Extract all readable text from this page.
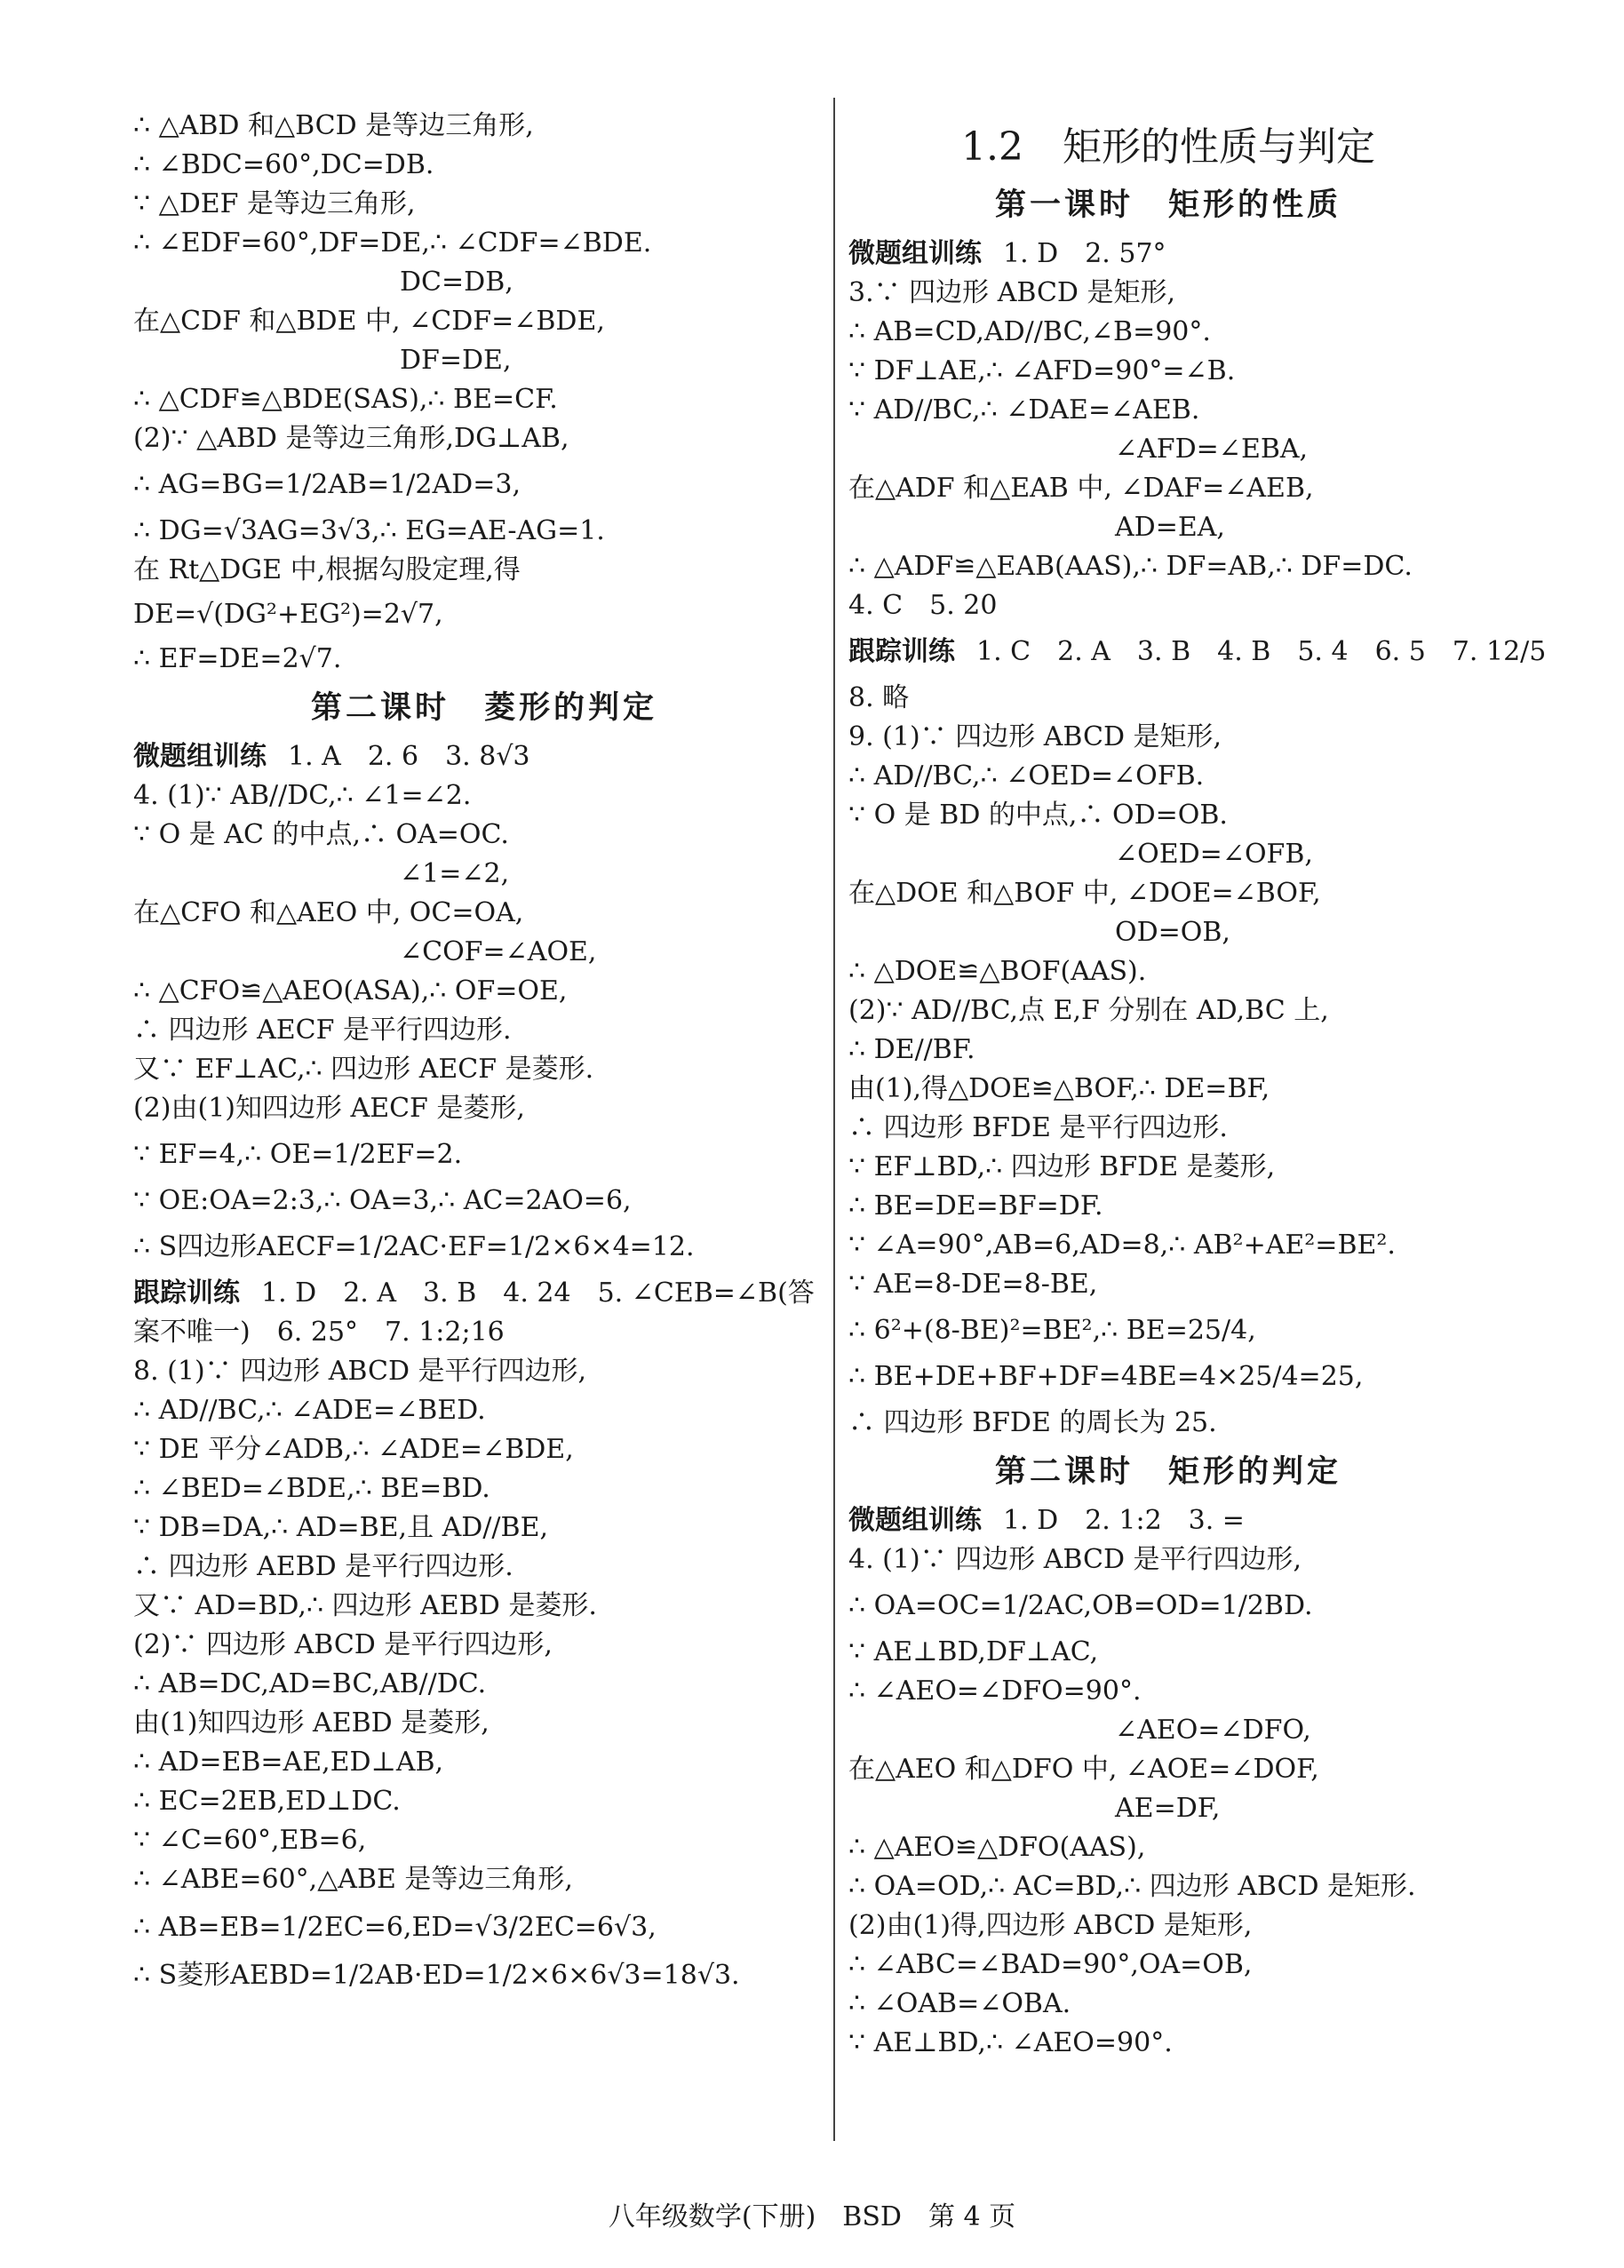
∴ △ABD 和△BCD 是等边三角形,
∴ ∠BDC=60°,DC=DB.
∵ △DEF 是等边三角形,
∴ ∠EDF=60°,DF=DE,∴ ∠CDF=∠BDE.
DC=DB,
在△CDF 和△BDE 中, ∠CDF=∠BDE,
DF=DE,
∴ △CDF≌△BDE(SAS),∴ BE=CF.
(2)∵ △ABD 是等边三角形,DG⊥AB,
∴ AG=BG=1/2AB=1/2AD=3,
∴ DG=√3AG=3√3,∴ EG=AE-AG=1.
在 Rt△DGE 中,根据勾股定理,得
DE=√(DG²+EG²)=2√7,
∴ EF=DE=2√7.
第二课时　菱形的判定
微题组训练 1. A　2. 6　3. 8√3
4. (1)∵ AB//DC,∴ ∠1=∠2.
∵ O 是 AC 的中点,∴ OA=OC.
∠1=∠2,
在△CFO 和△AEO 中, OC=OA,
∠COF=∠AOE,
∴ △CFO≌△AEO(ASA),∴ OF=OE,
∴ 四边形 AECF 是平行四边形.
又∵ EF⊥AC,∴ 四边形 AECF 是菱形.
(2)由(1)知四边形 AECF 是菱形,
∵ EF=4,∴ OE=1/2EF=2.
∵ OE:OA=2:3,∴ OA=3,∴ AC=2AO=6,
∴ S四边形AECF=1/2AC·EF=1/2×6×4=12.
跟踪训练 1. D　2. A　3. B　4. 24　5. ∠CEB=∠B(答
案不唯一)　6. 25°　7. 1:2;16
8. (1)∵ 四边形 ABCD 是平行四边形,
∴ AD//BC,∴ ∠ADE=∠BED.
∵ DE 平分∠ADB,∴ ∠ADE=∠BDE,
∴ ∠BED=∠BDE,∴ BE=BD.
∵ DB=DA,∴ AD=BE,且 AD//BE,
∴ 四边形 AEBD 是平行四边形.
又∵ AD=BD,∴ 四边形 AEBD 是菱形.
(2)∵ 四边形 ABCD 是平行四边形,
∴ AB=DC,AD=BC,AB//DC.
由(1)知四边形 AEBD 是菱形,
∴ AD=EB=AE,ED⊥AB,
∴ EC=2EB,ED⊥DC.
∵ ∠C=60°,EB=6,
∴ ∠ABE=60°,△ABE 是等边三角形,
∴ AB=EB=1/2EC=6,ED=√3/2EC=6√3,
∴ S菱形AEBD=1/2AB·ED=1/2×6×6√3=18√3.
1.2　矩形的性质与判定
第一课时　矩形的性质
微题组训练 1. D　2. 57°
3.∵ 四边形 ABCD 是矩形,
∴ AB=CD,AD//BC,∠B=90°.
∵ DF⊥AE,∴ ∠AFD=90°=∠B.
∵ AD//BC,∴ ∠DAE=∠AEB.
∠AFD=∠EBA,
在△ADF 和△EAB 中, ∠DAF=∠AEB,
AD=EA,
∴ △ADF≌△EAB(AAS),∴ DF=AB,∴ DF=DC.
4. C　5. 20
跟踪训练 1. C　2. A　3. B　4. B　5. 4　6. 5　7. 12/5
8. 略
9. (1)∵ 四边形 ABCD 是矩形,
∴ AD//BC,∴ ∠OED=∠OFB.
∵ O 是 BD 的中点,∴ OD=OB.
∠OED=∠OFB,
在△DOE 和△BOF 中, ∠DOE=∠BOF,
OD=OB,
∴ △DOE≌△BOF(AAS).
(2)∵ AD//BC,点 E,F 分别在 AD,BC 上,
∴ DE//BF.
由(1),得△DOE≌△BOF,∴ DE=BF,
∴ 四边形 BFDE 是平行四边形.
∵ EF⊥BD,∴ 四边形 BFDE 是菱形,
∴ BE=DE=BF=DF.
∵ ∠A=90°,AB=6,AD=8,∴ AB²+AE²=BE².
∵ AE=8-DE=8-BE,
∴ 6²+(8-BE)²=BE²,∴ BE=25/4,
∴ BE+DE+BF+DF=4BE=4×25/4=25,
∴ 四边形 BFDE 的周长为 25.
第二课时　矩形的判定
微题组训练 1. D　2. 1:2　3. =
4. (1)∵ 四边形 ABCD 是平行四边形,
∴ OA=OC=1/2AC,OB=OD=1/2BD.
∵ AE⊥BD,DF⊥AC,
∴ ∠AEO=∠DFO=90°.
∠AEO=∠DFO,
在△AEO 和△DFO 中, ∠AOE=∠DOF,
AE=DF,
∴ △AEO≌△DFO(AAS),
∴ OA=OD,∴ AC=BD,∴ 四边形 ABCD 是矩形.
(2)由(1)得,四边形 ABCD 是矩形,
∴ ∠ABC=∠BAD=90°,OA=OB,
∴ ∠OAB=∠OBA.
∵ AE⊥BD,∴ ∠AEO=90°.
八年级数学(下册)　BSD　第 4 页
